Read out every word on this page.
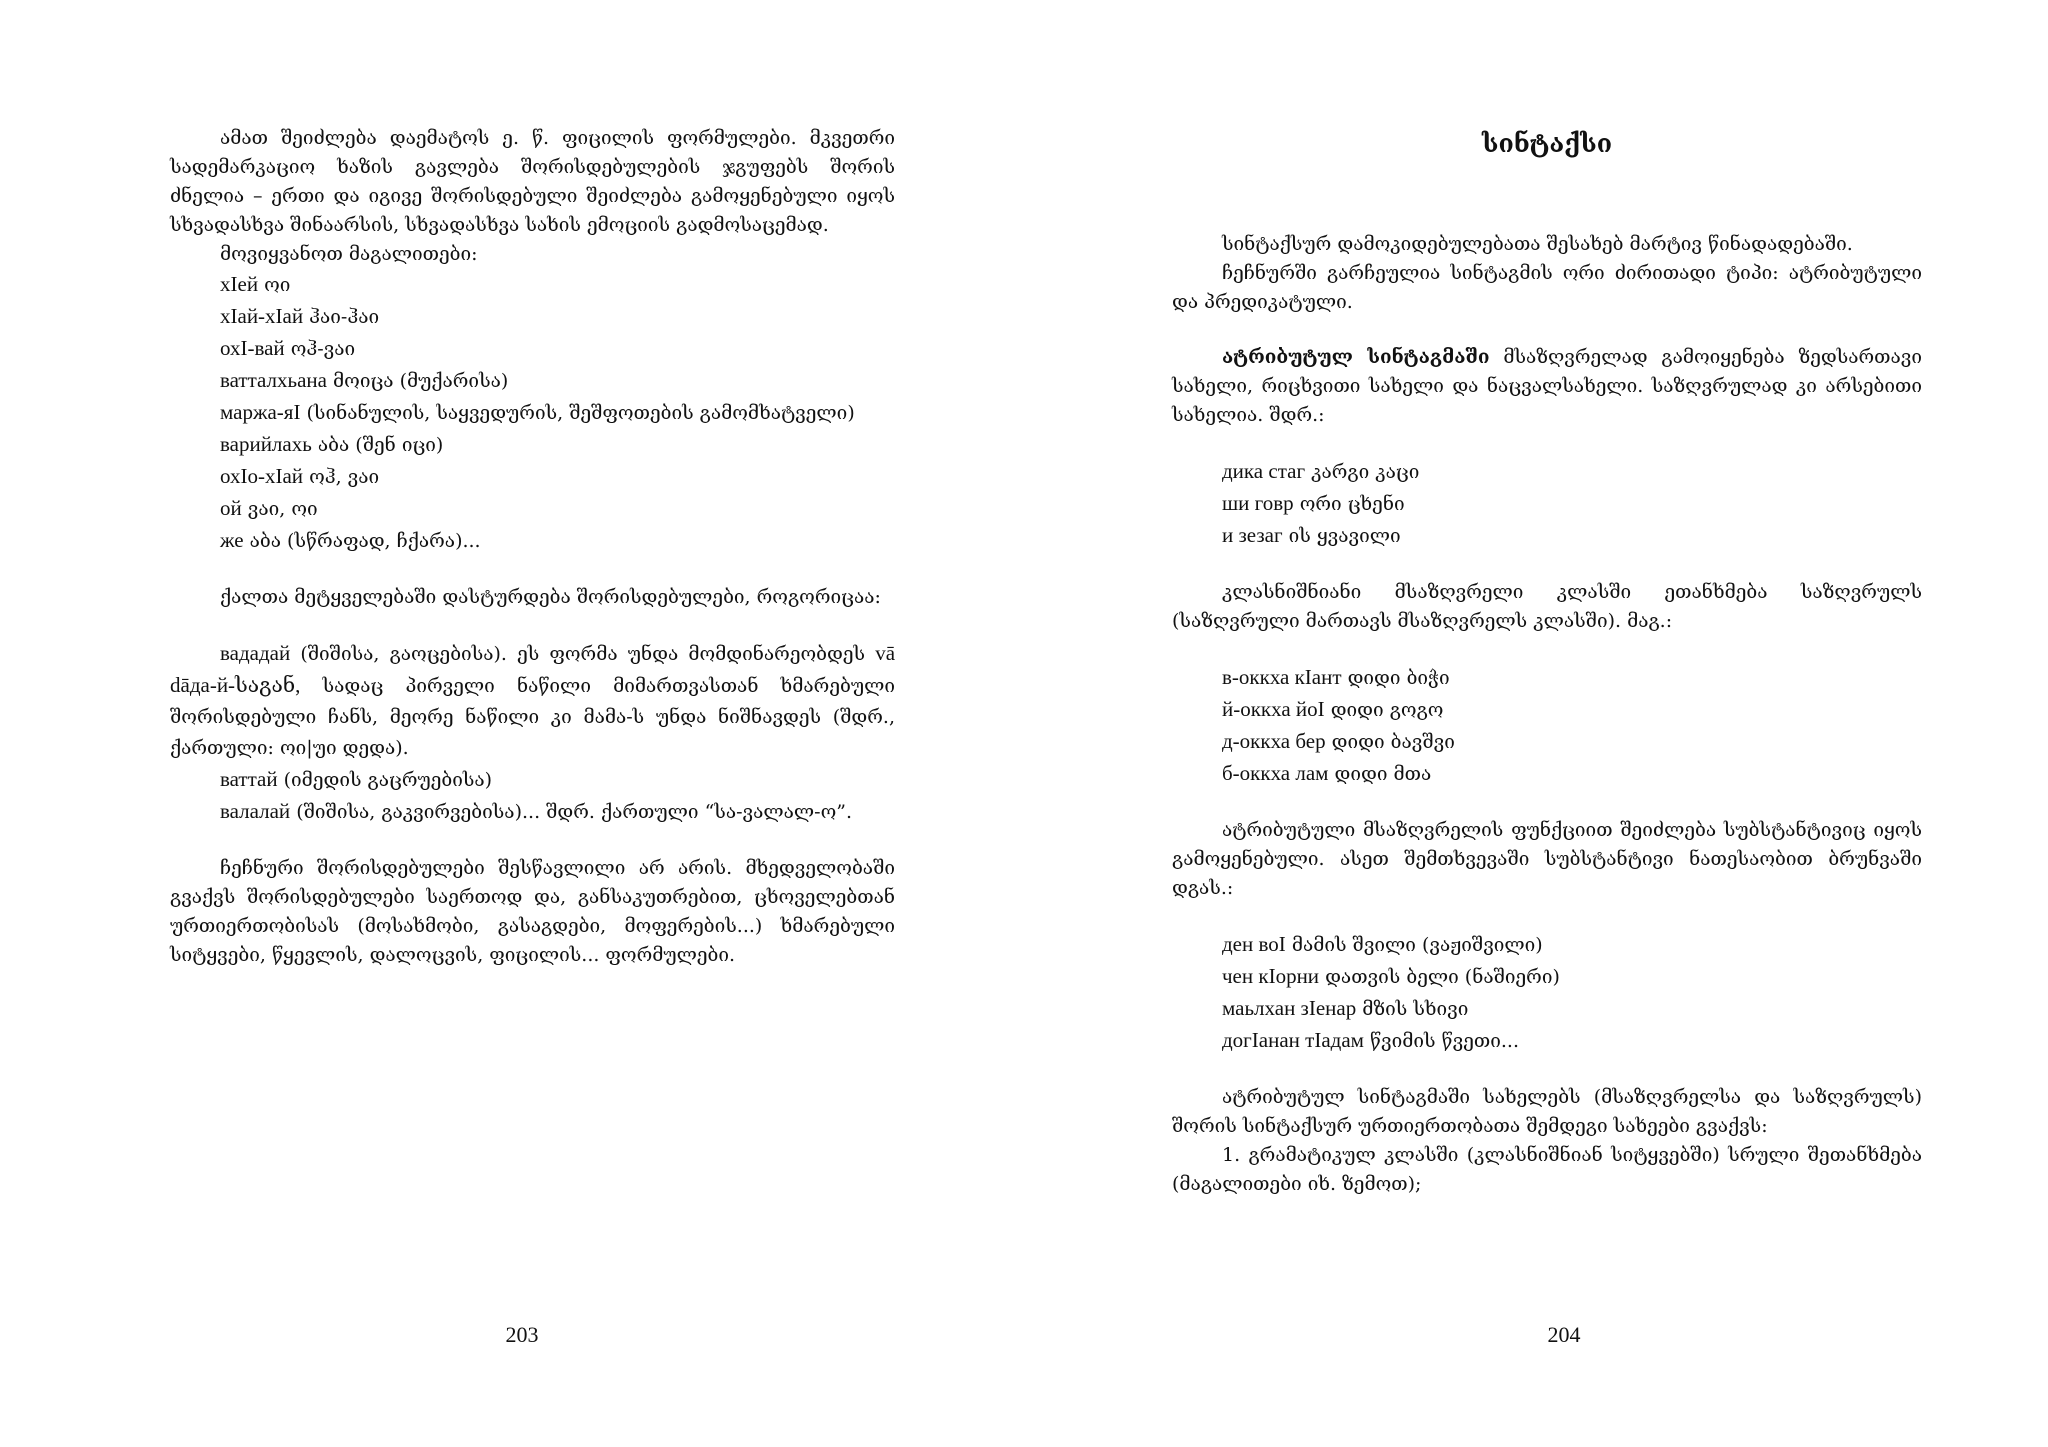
ამათ შეიძლება დაემატოს ე. წ. ფიცილის ფორმულები. მკვეთრი სადემარკაციო ხაზის გავლება შორისდებულების ჯგუფებს შორის ძნელია – ერთი და იგივე შორისდებული შეიძლება გამოყენებული იყოს სხვადასხვა შინაარსის, სხვადასხვა სახის ემოციის გადმოსაცემად.

მოვიყვანოთ მაგალითები:

хIей ოი

хIай-хIай ჰაი-ჰაი

охI-вай ოჰ-ვაი

ватталхьана მოიცა (მუქარისა)

маржа-яI (სინანულის, საყვედურის, შეშფოთების გამომხატველი)

варийлахь აბა (შენ იცი)

охIо-хIай ოჰ, ვაი

ой ვაი, ოი

же აბა (სწრაფად, ჩქარა)...

ქალთა მეტყველებაში დასტურდება შორისდებულები, როგორიცაა:

вададай (შიშისა, გაოცებისა). ეს ფორმა უნდა მომდინარეობდეს vā dāда-й-საგან, სადაც პირველი ნაწილი მიმართვასთან ხმარებული შორისდებული ჩანს, მეორე ნაწილი კი მამა-ს უნდა ნიშნავდეს (შდრ., ქართული: ოი|უი დედა).

ваттай (იმედის გაცრუებისა)

валалай (შიშისა, გაკვირვებისა)... შდრ. ქართული “სა-ვალალ-ო”.

ჩეჩნური შორისდებულები შესწავლილი არ არის. მხედველობაში გვაქვს შორისდებულები საერთოდ და, განსაკუთრებით, ცხოველებთან ურთიერთობისას (მოსახმობი, გასაგდები, მოფერების...) ხმარებული სიტყვები, წყევლის, დალოცვის, ფიცილის... ფორმულები.

203
სინტაქსი

სინტაქსურ დამოკიდებულებათა შესახებ მარტივ წინადადებაში.

ჩეჩნურში გარჩეულია სინტაგმის ორი ძირითადი ტიპი: ატრიბუტული და პრედიკატული.

ატრიბუტულ სინტაგმაში მსაზღვრელად გამოიყენება ზედსართავი სახელი, რიცხვითი სახელი და ნაცვალსახელი. საზღვრულად კი არსებითი სახელია. შდრ.:

дика стаг კარგი კაცი

ши говр ორი ცხენი

и зезаг ის ყვავილი

კლასნიშნიანი მსაზღვრელი კლასში ეთანხმება საზღვრულს (საზღვრული მართავს მსაზღვრელს კლასში). მაგ.:

в-оккха кIант დიდი ბიჭი

й-оккха йоI დიდი გოგო

д-оккха бер დიდი ბავშვი

б-оккха лам დიდი მთა

ატრიბუტული მსაზღვრელის ფუნქციით შეიძლება სუბსტანტივიც იყოს გამოყენებული. ასეთ შემთხვევაში სუბსტანტივი ნათესაობით ბრუნვაში დგას.:

ден воI მამის შვილი (ვაჟიშვილი)

чен кIорни დათვის ბელი (ნაშიერი)

маьлхан зIенар მზის სხივი

догIанан тIадам წვიმის წვეთი...

ატრიბუტულ სინტაგმაში სახელებს (მსაზღვრელსა და საზღვრულს) შორის სინტაქსურ ურთიერთობათა შემდეგი სახეები გვაქვს:

1. გრამატიკულ კლასში (კლასნიშნიან სიტყვებში) სრული შეთანხმება (მაგალითები იხ. ზემოთ);

204
